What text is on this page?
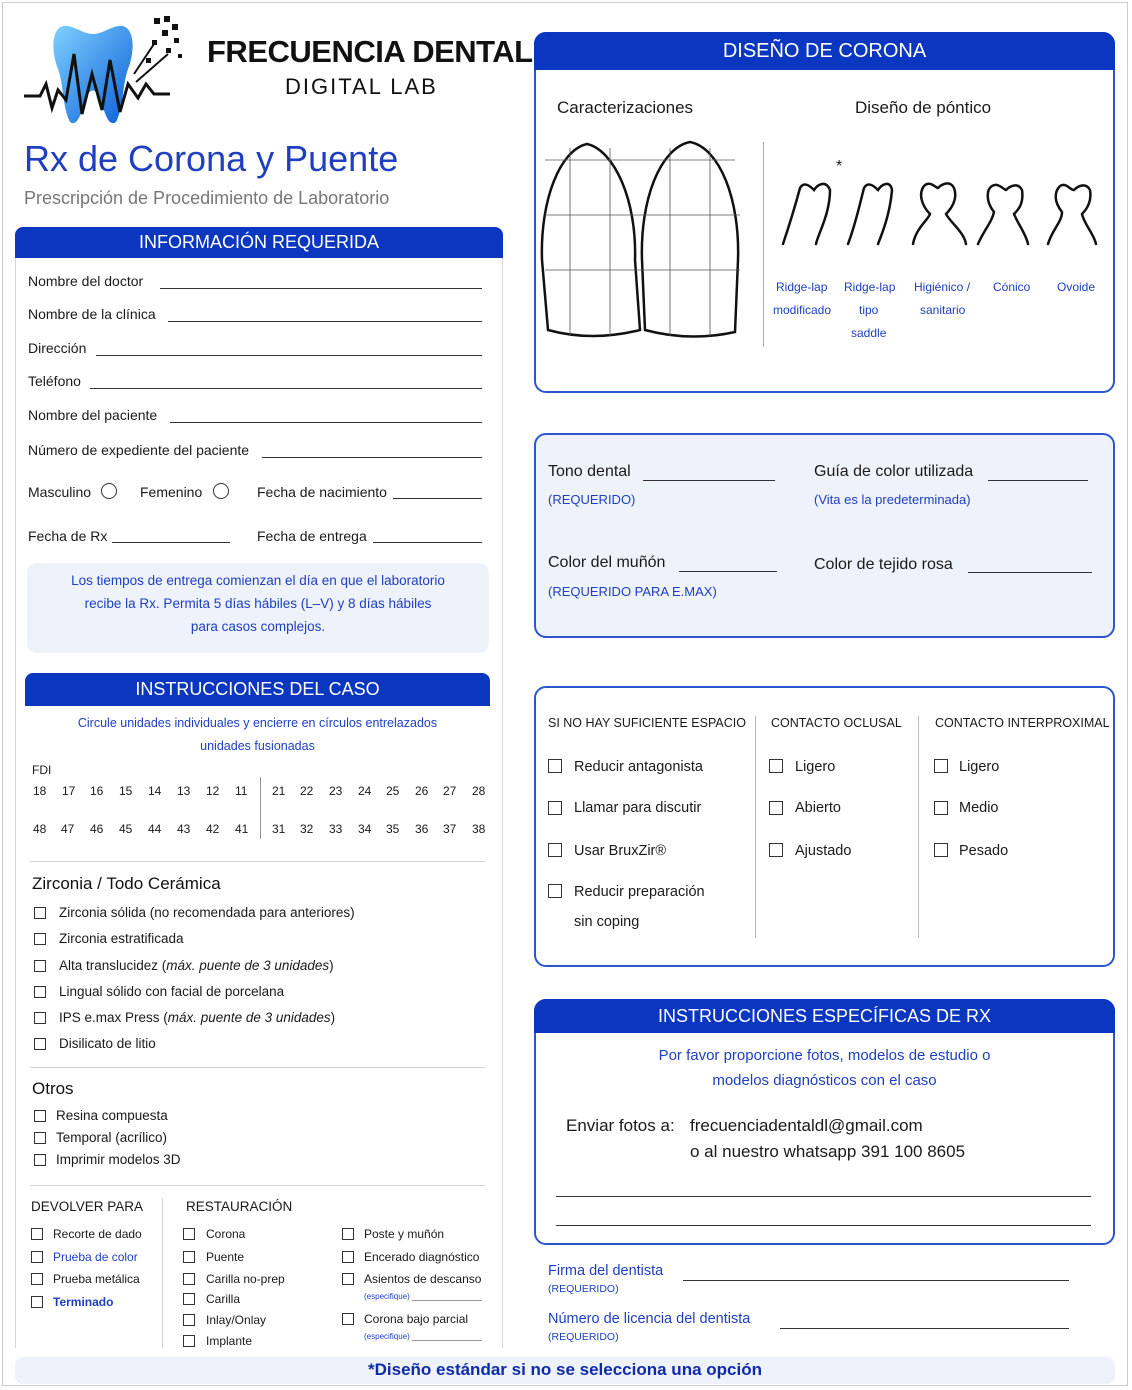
FRECUENCIA DENTAL
DIGITAL LAB
Rx de Corona y Puente
Prescripción de Procedimiento de Laboratorio
INFORMACIÓN REQUERIDA
Nombre del doctor
Nombre de la clínica
Dirección
Teléfono
Nombre del paciente
Número de expediente del paciente
Masculino	Femenino	Fecha de nacimiento
Fecha de Rx	Fecha de entrega
Los tiempos de entrega comienzan el día en que el laboratorio
recibe la Rx. Permita 5 días hábiles (L–V) y 8 días hábiles
para casos complejos.
INSTRUCCIONES DEL CASO
Circule unidades individuales y encierre en círculos entrelazados
unidades fusionadas
FDI
18 17 16 15 14 13 12 11 21 22 23 24 25 26 27 28
48 47 46 45 44 43 42 41 31 32 33 34 35 36 37 38
Zirconia / Todo Cerámica
Zirconia sólida (no recomendada para anteriores)
Zirconia estratificada
Alta translucidez (máx. puente de 3 unidades)
Lingual sólido con facial de porcelana
IPS e.max Press (máx. puente de 3 unidades)
Disilicato de litio
Otros
Resina compuesta
Temporal (acrílico)
Imprimir modelos 3D
DEVOLVER PARA
Recorte de dado
Prueba de color
Prueba metálica
Terminado
RESTAURACIÓN
Corona
Puente
Carilla no-prep
Carilla
Inlay/Onlay
Implante
Poste y muñón
Encerado diagnóstico
Asientos de descanso
(especifique)
Corona bajo parcial
(especifique)
DISEÑO DE CORONA
Caracterizaciones	Diseño de póntico
*
Ridge-lap
modificado
Ridge-lap
tipo
saddle
Higiénico /
sanitario
Cónico Ovoide
Tono dental
(REQUERIDO)
Guía de color utilizada
(Vita es la predeterminada)
Color del muñón
(REQUERIDO PARA E.MAX)
Color de tejido rosa
SI NO HAY SUFICIENTE ESPACIO
Reducir antagonista
Llamar para discutir
Usar BruxZir®
Reducir preparación
sin coping
CONTACTO OCLUSAL
Ligero
Abierto
Ajustado
CONTACTO INTERPROXIMAL
Ligero
Medio
Pesado
INSTRUCCIONES ESPECÍFICAS DE RX
Por favor proporcione fotos, modelos de estudio o
modelos diagnósticos con el caso
Enviar fotos a: frecuenciadentaldl@gmail.com
o al nuestro whatsapp 391 100 8605
Firma del dentista
(REQUERIDO)
Número de licencia del dentista
(REQUERIDO)
*Diseño estándar si no se selecciona una opción
